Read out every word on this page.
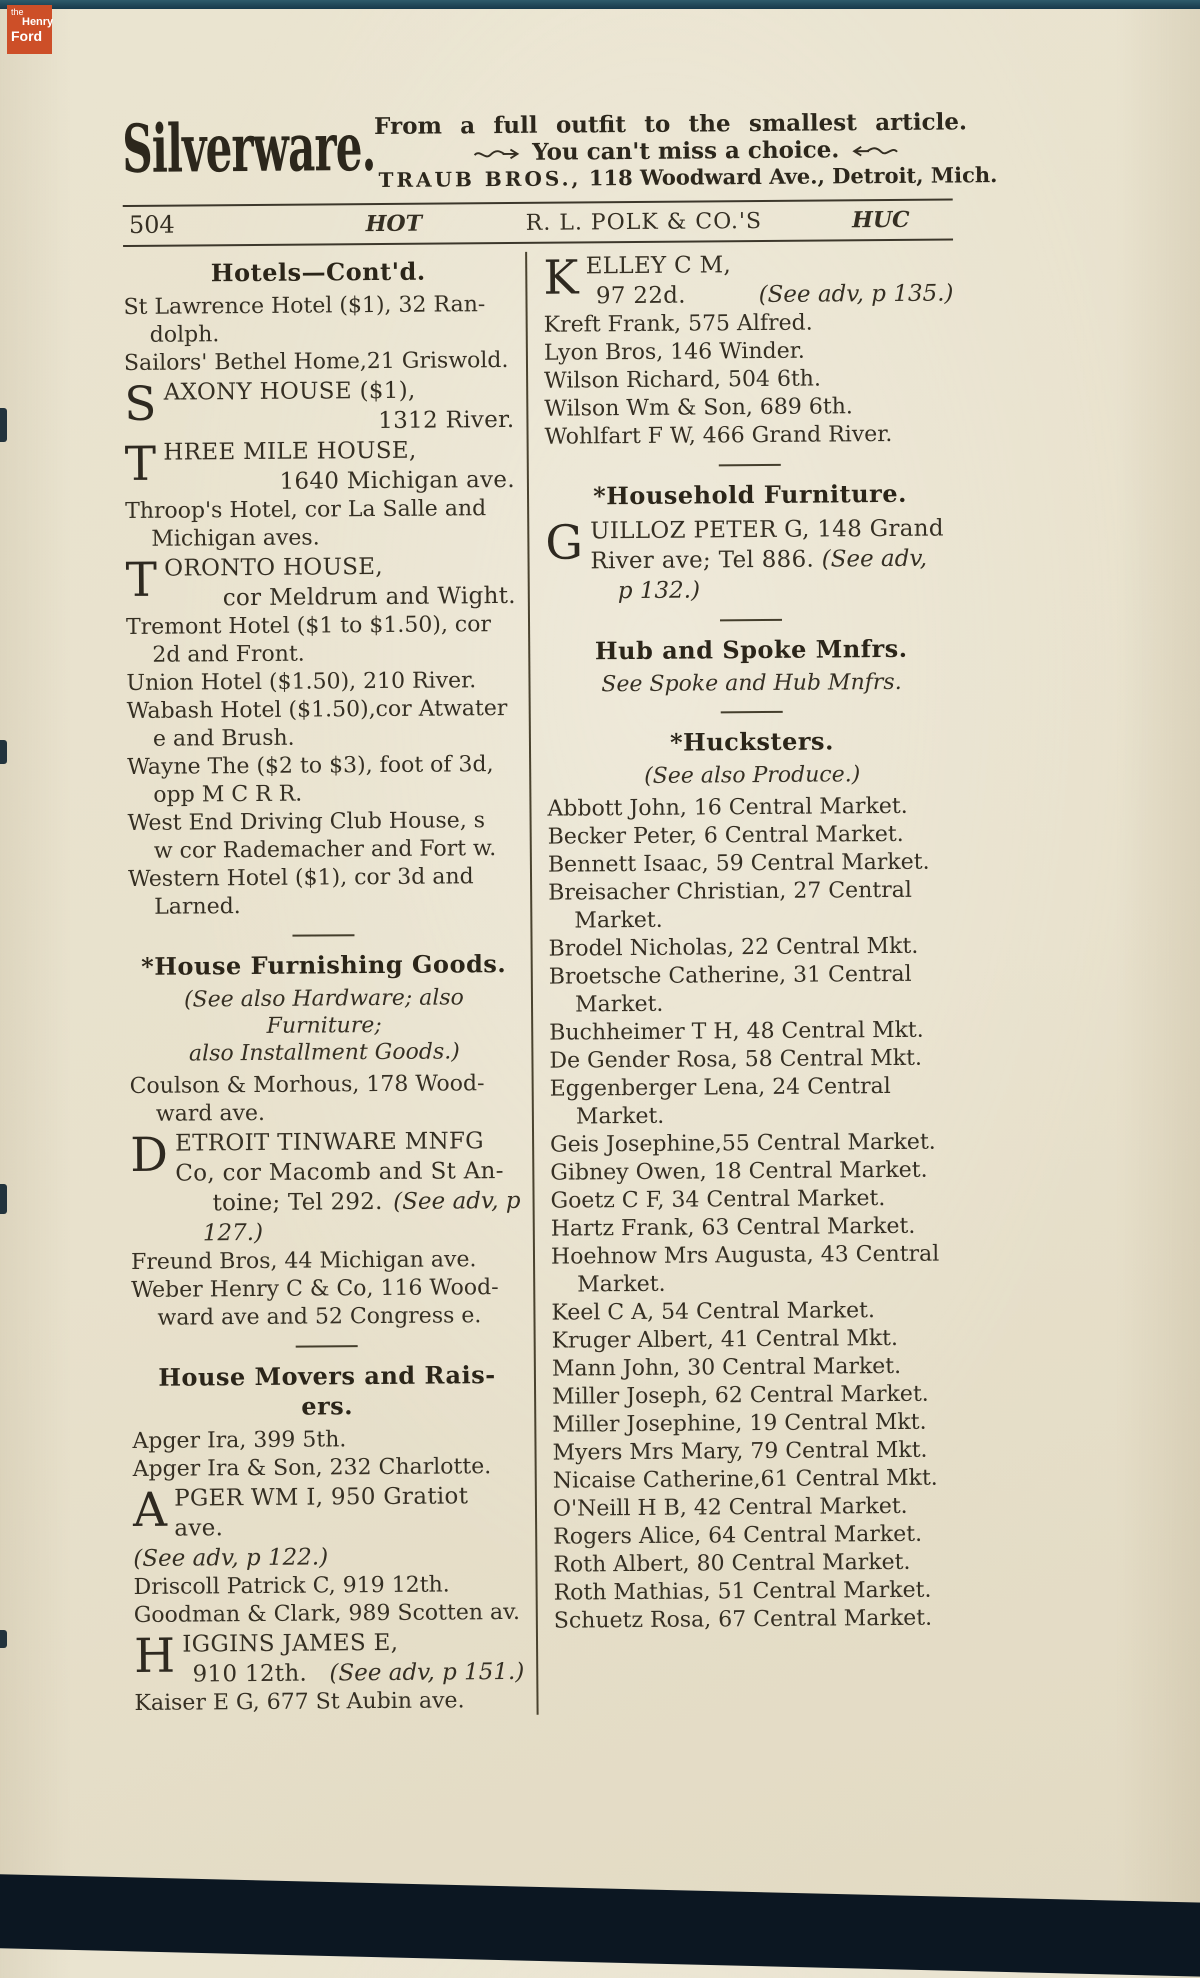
the
Henry
Ford
Silverware.
From a full outfit to the smallest article.
You can't miss a choice.
TRAUB BROS., 118 Woodward Ave., Detroit, Mich.
504	HOT	R. L. POLK & CO.'S	HUC
Hotels—Cont'd.
St Lawrence Hotel ($1), 32 Ran-
dolph.
Sailors' Bethel Home,21 Griswold.
S AXONY HOUSE ($1),
1312 River.
T HREE MILE HOUSE,
1640 Michigan ave.
Throop's Hotel, cor La Salle and
Michigan aves.
T ORONTO HOUSE,
cor Meldrum and Wight.
Tremont Hotel ($1 to $1.50), cor
2d and Front.
Union Hotel ($1.50), 210 River.
Wabash Hotel ($1.50),cor Atwater
e and Brush.
Wayne The ($2 to $3), foot of 3d,
opp M C R R.
West End Driving Club House, s
w cor Rademacher and Fort w.
Western Hotel ($1), cor 3d and
Larned.
*House Furnishing Goods.
(See also Hardware; also Furniture;
also Installment Goods.)
Coulson & Morhous, 178 Wood-
ward ave.
D ETROIT TINWARE MNFG
Co, cor Macomb and St An-
toine; Tel 292. (See adv, p
127.)
Freund Bros, 44 Michigan ave.
Weber Henry C & Co, 116 Wood-
ward ave and 52 Congress e.
House Movers and Rais-
ers.
Apger Ira, 399 5th.
Apger Ira & Son, 232 Charlotte.
A PGER WM I, 950 Gratiot ave.
(See adv, p 122.)
Driscoll Patrick C, 919 12th.
Goodman & Clark, 989 Scotten av.
H IGGINS JAMES E,
910 12th. (See adv, p 151.)
Kaiser E G, 677 St Aubin ave.
K ELLEY C M,
97 22d.	(See adv, p 135.)
Kreft Frank, 575 Alfred.
Lyon Bros, 146 Winder.
Wilson Richard, 504 6th.
Wilson Wm & Son, 689 6th.
Wohlfart F W, 466 Grand River.
*Household Furniture.
G UILLOZ PETER G, 148 Grand
River ave; Tel 886. (See adv,
p 132.)
Hub and Spoke Mnfrs.
See Spoke and Hub Mnfrs.
*Hucksters.
(See also Produce.)
Abbott John, 16 Central Market.
Becker Peter, 6 Central Market.
Bennett Isaac, 59 Central Market.
Breisacher Christian, 27 Central
Market.
Brodel Nicholas, 22 Central Mkt.
Broetsche Catherine, 31 Central
Market.
Buchheimer T H, 48 Central Mkt.
De Gender Rosa, 58 Central Mkt.
Eggenberger Lena, 24 Central
Market.
Geis Josephine,55 Central Market.
Gibney Owen, 18 Central Market.
Goetz C F, 34 Central Market.
Hartz Frank, 63 Central Market.
Hoehnow Mrs Augusta, 43 Central
Market.
Keel C A, 54 Central Market.
Kruger Albert, 41 Central Mkt.
Mann John, 30 Central Market.
Miller Joseph, 62 Central Market.
Miller Josephine, 19 Central Mkt.
Myers Mrs Mary, 79 Central Mkt.
Nicaise Catherine,61 Central Mkt.
O'Neill H B, 42 Central Market.
Rogers Alice, 64 Central Market.
Roth Albert, 80 Central Market.
Roth Mathias, 51 Central Market.
Schuetz Rosa, 67 Central Market.
